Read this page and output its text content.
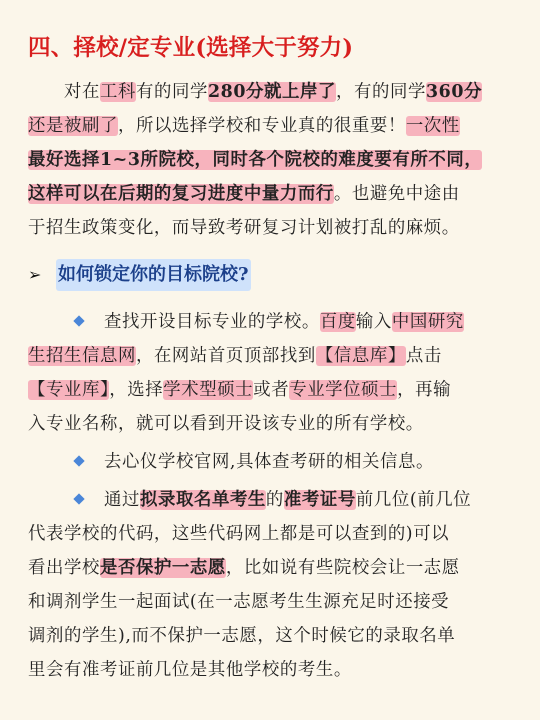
四、择校/定专业(选择大于努力)
对在工科有的同学280分就上岸了，有的同学360分
还是被刷了，所以选择学校和专业真的很重要！一次性
最好选择1~3所院校，同时各个院校的难度要有所不同，
这样可以在后期的复习进度中量力而行。也避免中途由
于招生政策变化，而导致考研复习计划被打乱的麻烦。
➢ 如何锁定你的目标院校?
查找开设目标专业的学校。百度输入中国研究
生招生信息网，在网站首页顶部找到【信息库】点击
【专业库】，选择学术型硕士或者专业学位硕士，再输
入专业名称，就可以看到开设该专业的所有学校。
去心仪学校官网,具体查考研的相关信息。
通过拟录取名单考生的准考证号前几位(前几位
代表学校的代码，这些代码网上都是可以查到的)可以
看出学校是否保护一志愿，比如说有些院校会让一志愿
和调剂学生一起面试(在一志愿考生生源充足时还接受
调剂的学生),而不保护一志愿，这个时候它的录取名单
里会有准考证前几位是其他学校的考生。
